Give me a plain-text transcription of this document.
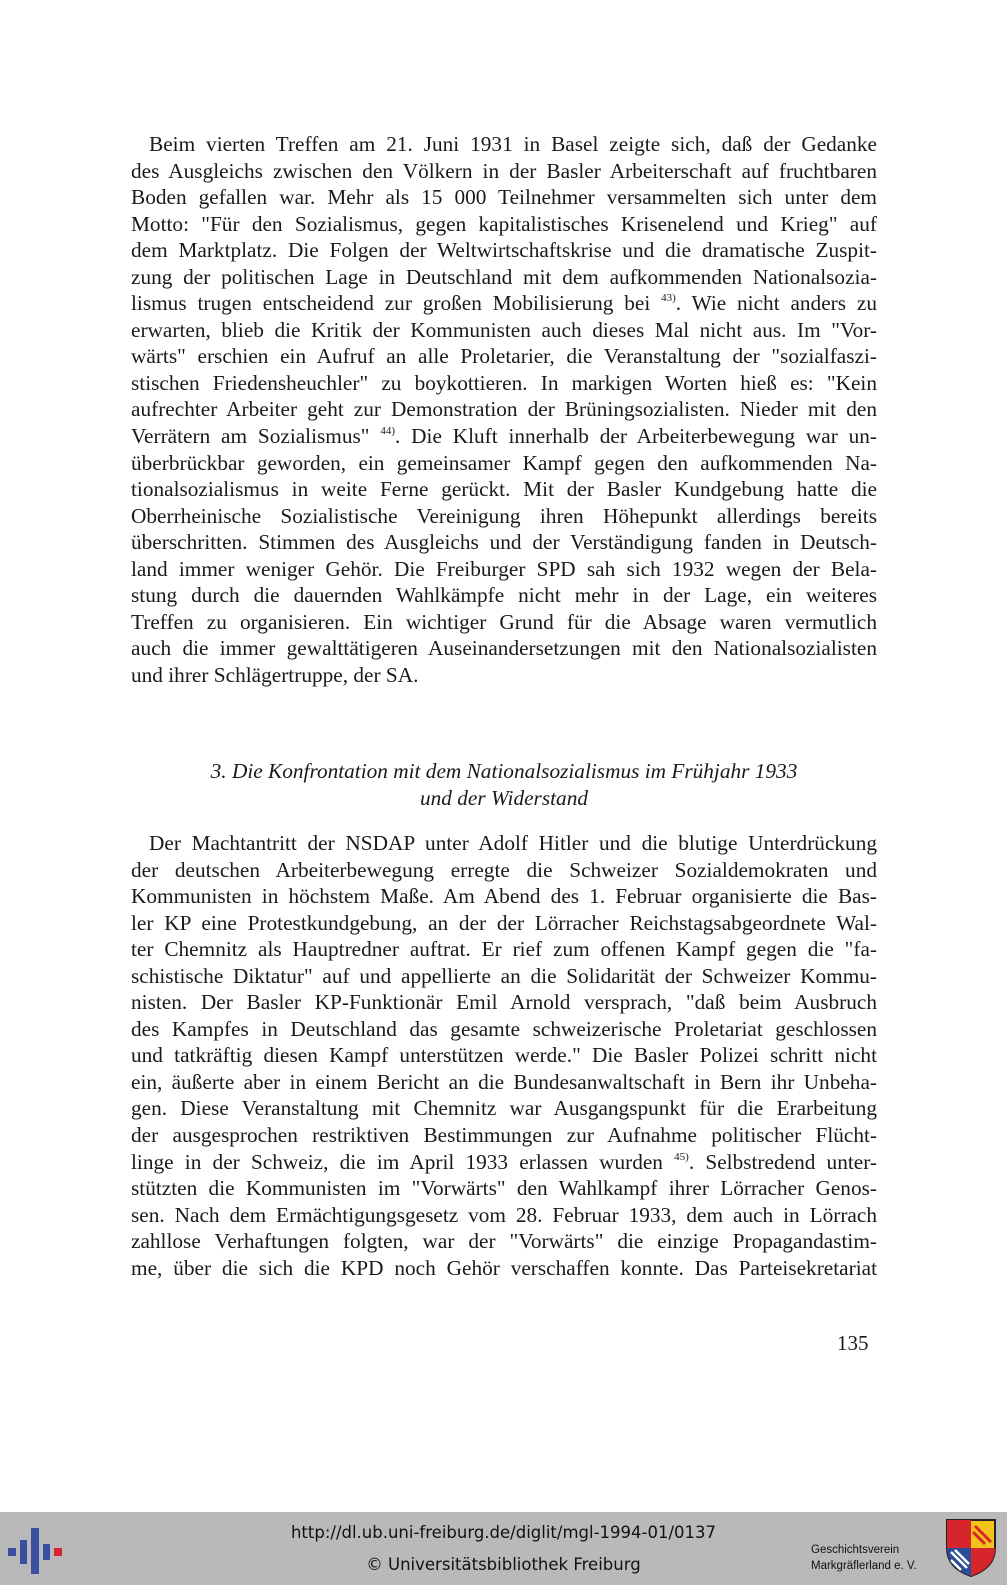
Beim vierten Treffen am 21. Juni 1931 in Basel zeigte sich, daß der Gedanke
des Ausgleichs zwischen den Völkern in der Basler Arbeiterschaft auf fruchtbaren
Boden gefallen war. Mehr als 15 000 Teilnehmer versammelten sich unter dem
Motto: "Für den Sozialismus, gegen kapitalistisches Krisenelend und Krieg" auf
dem Marktplatz. Die Folgen der Weltwirtschaftskrise und die dramatische Zuspit-
zung der politischen Lage in Deutschland mit dem aufkommenden Nationalsozia-
lismus trugen entscheidend zur großen Mobilisierung bei $^{43)}$. Wie nicht anders zu
erwarten, blieb die Kritik der Kommunisten auch dieses Mal nicht aus. Im "Vor-
wärts" erschien ein Aufruf an alle Proletarier, die Veranstaltung der "sozialfaszi-
stischen Friedensheuchler" zu boykottieren. In markigen Worten hieß es: "Kein
aufrechter Arbeiter geht zur Demonstration der Brüningsozialisten. Nieder mit den
Verrätern am Sozialismus" $^{44)}$. Die Kluft innerhalb der Arbeiterbewegung war un-
überbrückbar geworden, ein gemeinsamer Kampf gegen den aufkommenden Na-
tionalsozialismus in weite Ferne gerückt. Mit der Basler Kundgebung hatte die
Oberrheinische Sozialistische Vereinigung ihren Höhepunkt allerdings bereits
überschritten. Stimmen des Ausgleichs und der Verständigung fanden in Deutsch-
land immer weniger Gehör. Die Freiburger SPD sah sich 1932 wegen der Bela-
stung durch die dauernden Wahlkämpfe nicht mehr in der Lage, ein weiteres
Treffen zu organisieren. Ein wichtiger Grund für die Absage waren vermutlich
auch die immer gewalttätigeren Auseinandersetzungen mit den Nationalsozialisten
und ihrer Schlägertruppe, der SA.
3. Die Konfrontation mit dem Nationalsozialismus im Frühjahr 1933
und der Widerstand
Der Machtantritt der NSDAP unter Adolf Hitler und die blutige Unterdrückung
der deutschen Arbeiterbewegung erregte die Schweizer Sozialdemokraten und
Kommunisten in höchstem Maße. Am Abend des 1. Februar organisierte die Bas-
ler KP eine Protestkundgebung, an der der Lörracher Reichstagsabgeordnete Wal-
ter Chemnitz als Hauptredner auftrat. Er rief zum offenen Kampf gegen die "fa-
schistische Diktatur" auf und appellierte an die Solidarität der Schweizer Kommu-
nisten. Der Basler KP-Funktionär Emil Arnold versprach, "daß beim Ausbruch
des Kampfes in Deutschland das gesamte schweizerische Proletariat geschlossen
und tatkräftig diesen Kampf unterstützen werde." Die Basler Polizei schritt nicht
ein, äußerte aber in einem Bericht an die Bundesanwaltschaft in Bern ihr Unbeha-
gen. Diese Veranstaltung mit Chemnitz war Ausgangspunkt für die Erarbeitung
der ausgesprochen restriktiven Bestimmungen zur Aufnahme politischer Flücht-
linge in der Schweiz, die im April 1933 erlassen wurden $^{45)}$. Selbstredend unter-
stützten die Kommunisten im "Vorwärts" den Wahlkampf ihrer Lörracher Genos-
sen. Nach dem Ermächtigungsgesetz vom 28. Februar 1933, dem auch in Lörrach
zahllose Verhaftungen folgten, war der "Vorwärts" die einzige Propagandastim-
me, über die sich die KPD noch Gehör verschaffen konnte. Das Parteisekretariat
135
http://dl.ub.uni-freiburg.de/diglit/mgl-1994-01/0137
© Universitätsbibliothek Freiburg
Geschichtsverein
Markgräflerland e. V.
